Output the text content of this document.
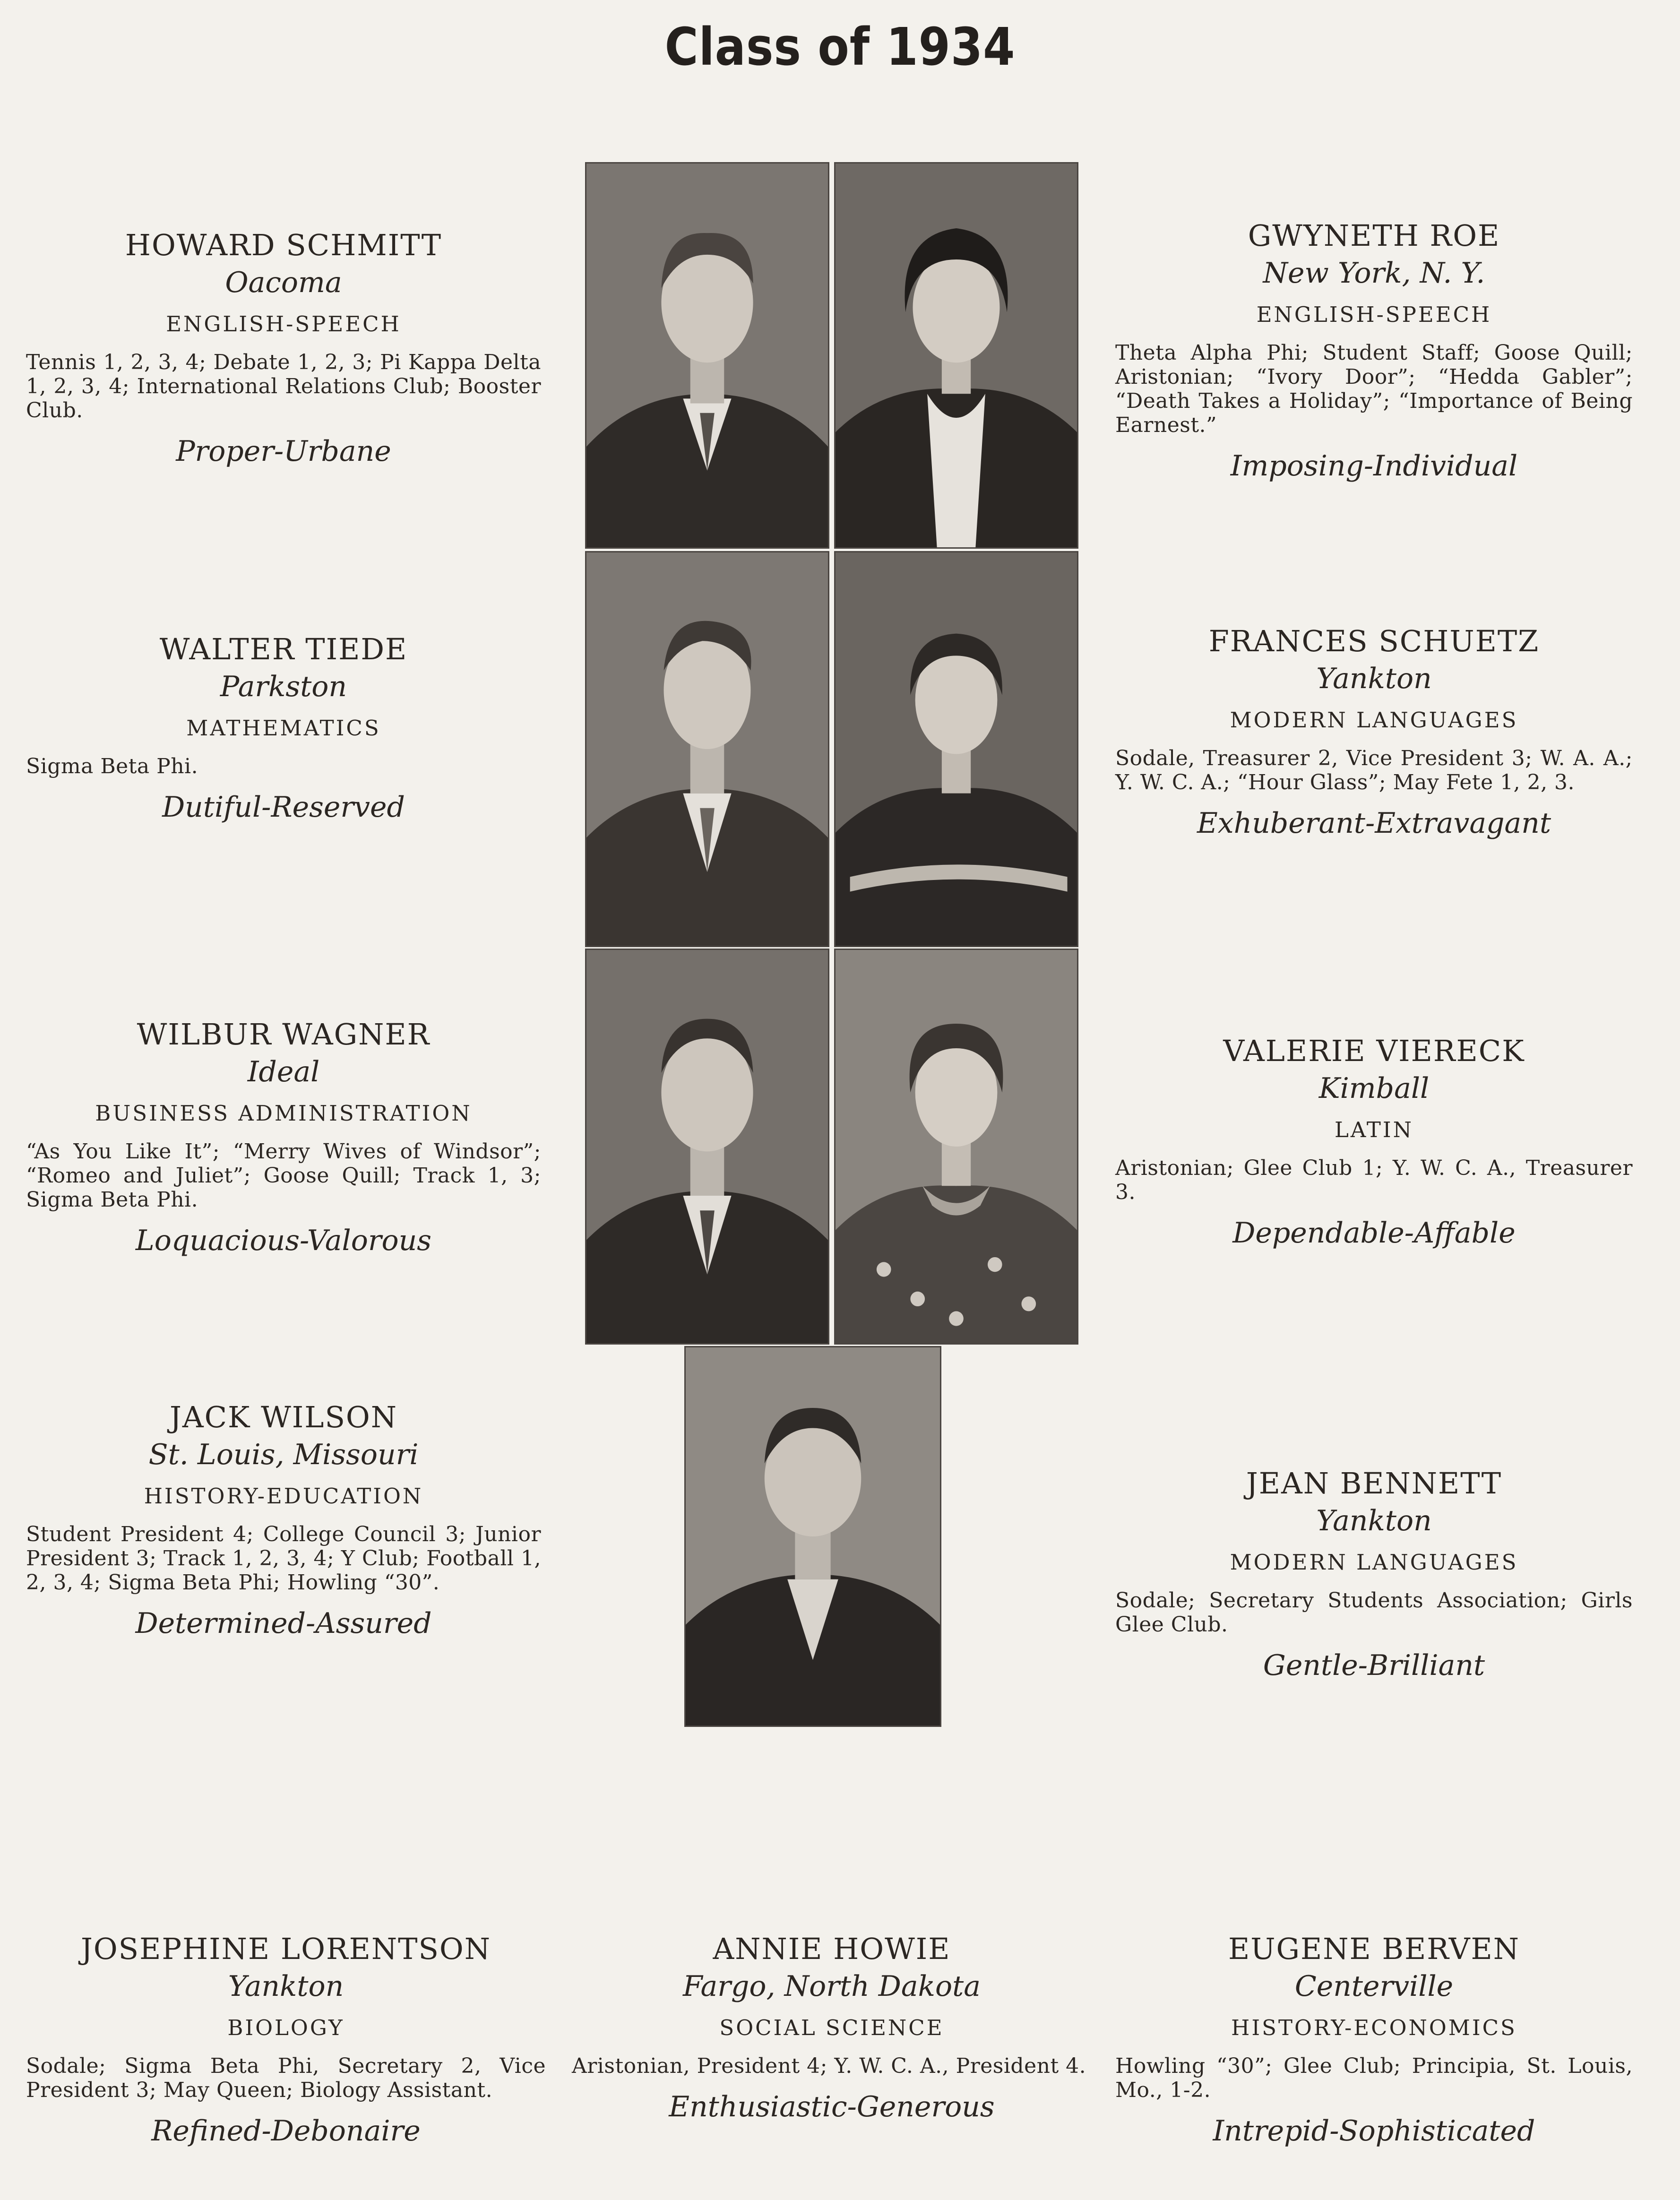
Class of 1934
HOWARD SCHMITT
Oacoma
ENGLISH-SPEECH
Tennis 1, 2, 3, 4; Debate 1, 2, 3; Pi Kappa Delta 1, 2, 3, 4; International Relations Club; Booster Club.
Proper-Urbane
WALTER TIEDE
Parkston
MATHEMATICS
Sigma Beta Phi.
Dutiful-Reserved
WILBUR WAGNER
Ideal
BUSINESS ADMINISTRATION
“As You Like It”; “Merry Wives of Windsor”; “Romeo and Juliet”; Goose Quill; Track 1, 3; Sigma Beta Phi.
Loquacious-Valorous
JACK WILSON
St. Louis, Missouri
HISTORY-EDUCATION
Student President 4; College Council 3; Junior President 3; Track 1, 2, 3, 4; Y Club; Football 1, 2, 3, 4; Sigma Beta Phi; Howling “30”.
Determined-Assured
GWYNETH ROE
New York, N. Y.
ENGLISH-SPEECH
Theta Alpha Phi; Student Staff; Goose Quill; Aristonian; “Ivory Door”; “Hedda Gabler”; “Death Takes a Holiday”; “Importance of Being Earnest.”
Imposing-Individual
FRANCES SCHUETZ
Yankton
MODERN LANGUAGES
Sodale, Treasurer 2, Vice President 3; W. A. A.; Y. W. C. A.; “Hour Glass”; May Fete 1, 2, 3.
Exhuberant-Extravagant
VALERIE VIERECK
Kimball
LATIN
Aristonian; Glee Club 1; Y. W. C. A., Treasurer 3.
Dependable-Affable
JEAN BENNETT
Yankton
MODERN LANGUAGES
Sodale; Secretary Students Association; Girls Glee Club.
Gentle-Brilliant
JOSEPHINE LORENTSON
Yankton
BIOLOGY
Sodale; Sigma Beta Phi, Secretary 2, Vice President 3; May Queen; Biology Assistant.
Refined-Debonaire
ANNIE HOWIE
Fargo, North Dakota
SOCIAL SCIENCE
Aristonian, President 4; Y. W. C. A., President 4.
Enthusiastic-Generous
EUGENE BERVEN
Centerville
HISTORY-ECONOMICS
Howling “30”; Glee Club; Principia, St. Louis, Mo., 1-2.
Intrepid-Sophisticated
